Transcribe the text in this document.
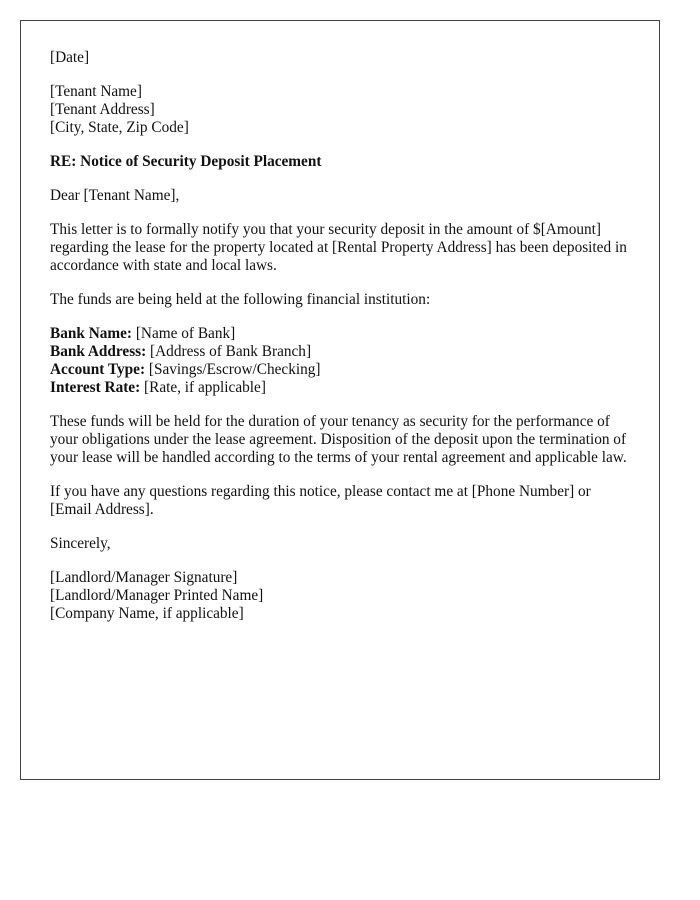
[Date]
[Tenant Name]
[Tenant Address]
[City, State, Zip Code]
RE: Notice of Security Deposit Placement
Dear [Tenant Name],
This letter is to formally notify you that your security deposit in the amount of $[Amount] regarding the lease for the property located at [Rental Property Address] has been deposited in accordance with state and local laws.
The funds are being held at the following financial institution:
Bank Name: [Name of Bank]
Bank Address: [Address of Bank Branch]
Account Type: [Savings/Escrow/Checking]
Interest Rate: [Rate, if applicable]
These funds will be held for the duration of your tenancy as security for the performance of your obligations under the lease agreement. Disposition of the deposit upon the termination of your lease will be handled according to the terms of your rental agreement and applicable law.
If you have any questions regarding this notice, please contact me at [Phone Number] or [Email Address].
Sincerely,
[Landlord/Manager Signature]
[Landlord/Manager Printed Name]
[Company Name, if applicable]
